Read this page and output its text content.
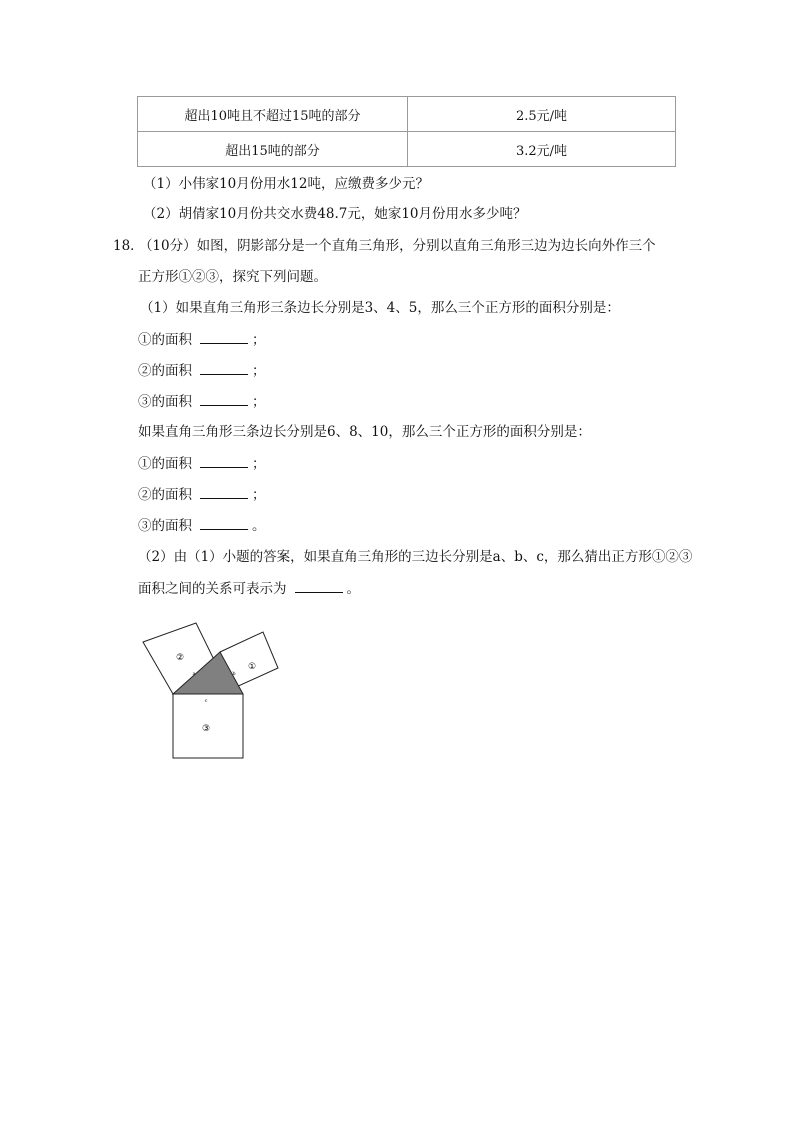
超出10吨且不超过15吨的部分	2.5元/吨
超出15吨的部分	3.2元/吨
（1）小伟家10月份用水12吨，应缴费多少元？
（2）胡倩家10月份共交水费48.7元，她家10月份用水多少吨？
18． （10分）如图，阴影部分是一个直角三角形，分别以直角三角形三边为边长向外作三个
正方形①②③，探究下列问题。
（1）如果直角三角形三条边长分别是3、4、5，那么三个正方形的面积分别是：
①的面积	；
②的面积	；
③的面积	；
如果直角三角形三条边长分别是6、8、10，那么三个正方形的面积分别是：
①的面积	；
②的面积	；
③的面积	。
（2）由（1）小题的答案，如果直角三角形的三边长分别是a、b、c，那么猜出正方形①②③
面积之间的关系可表示为	。
②
①
③
a	b
c
